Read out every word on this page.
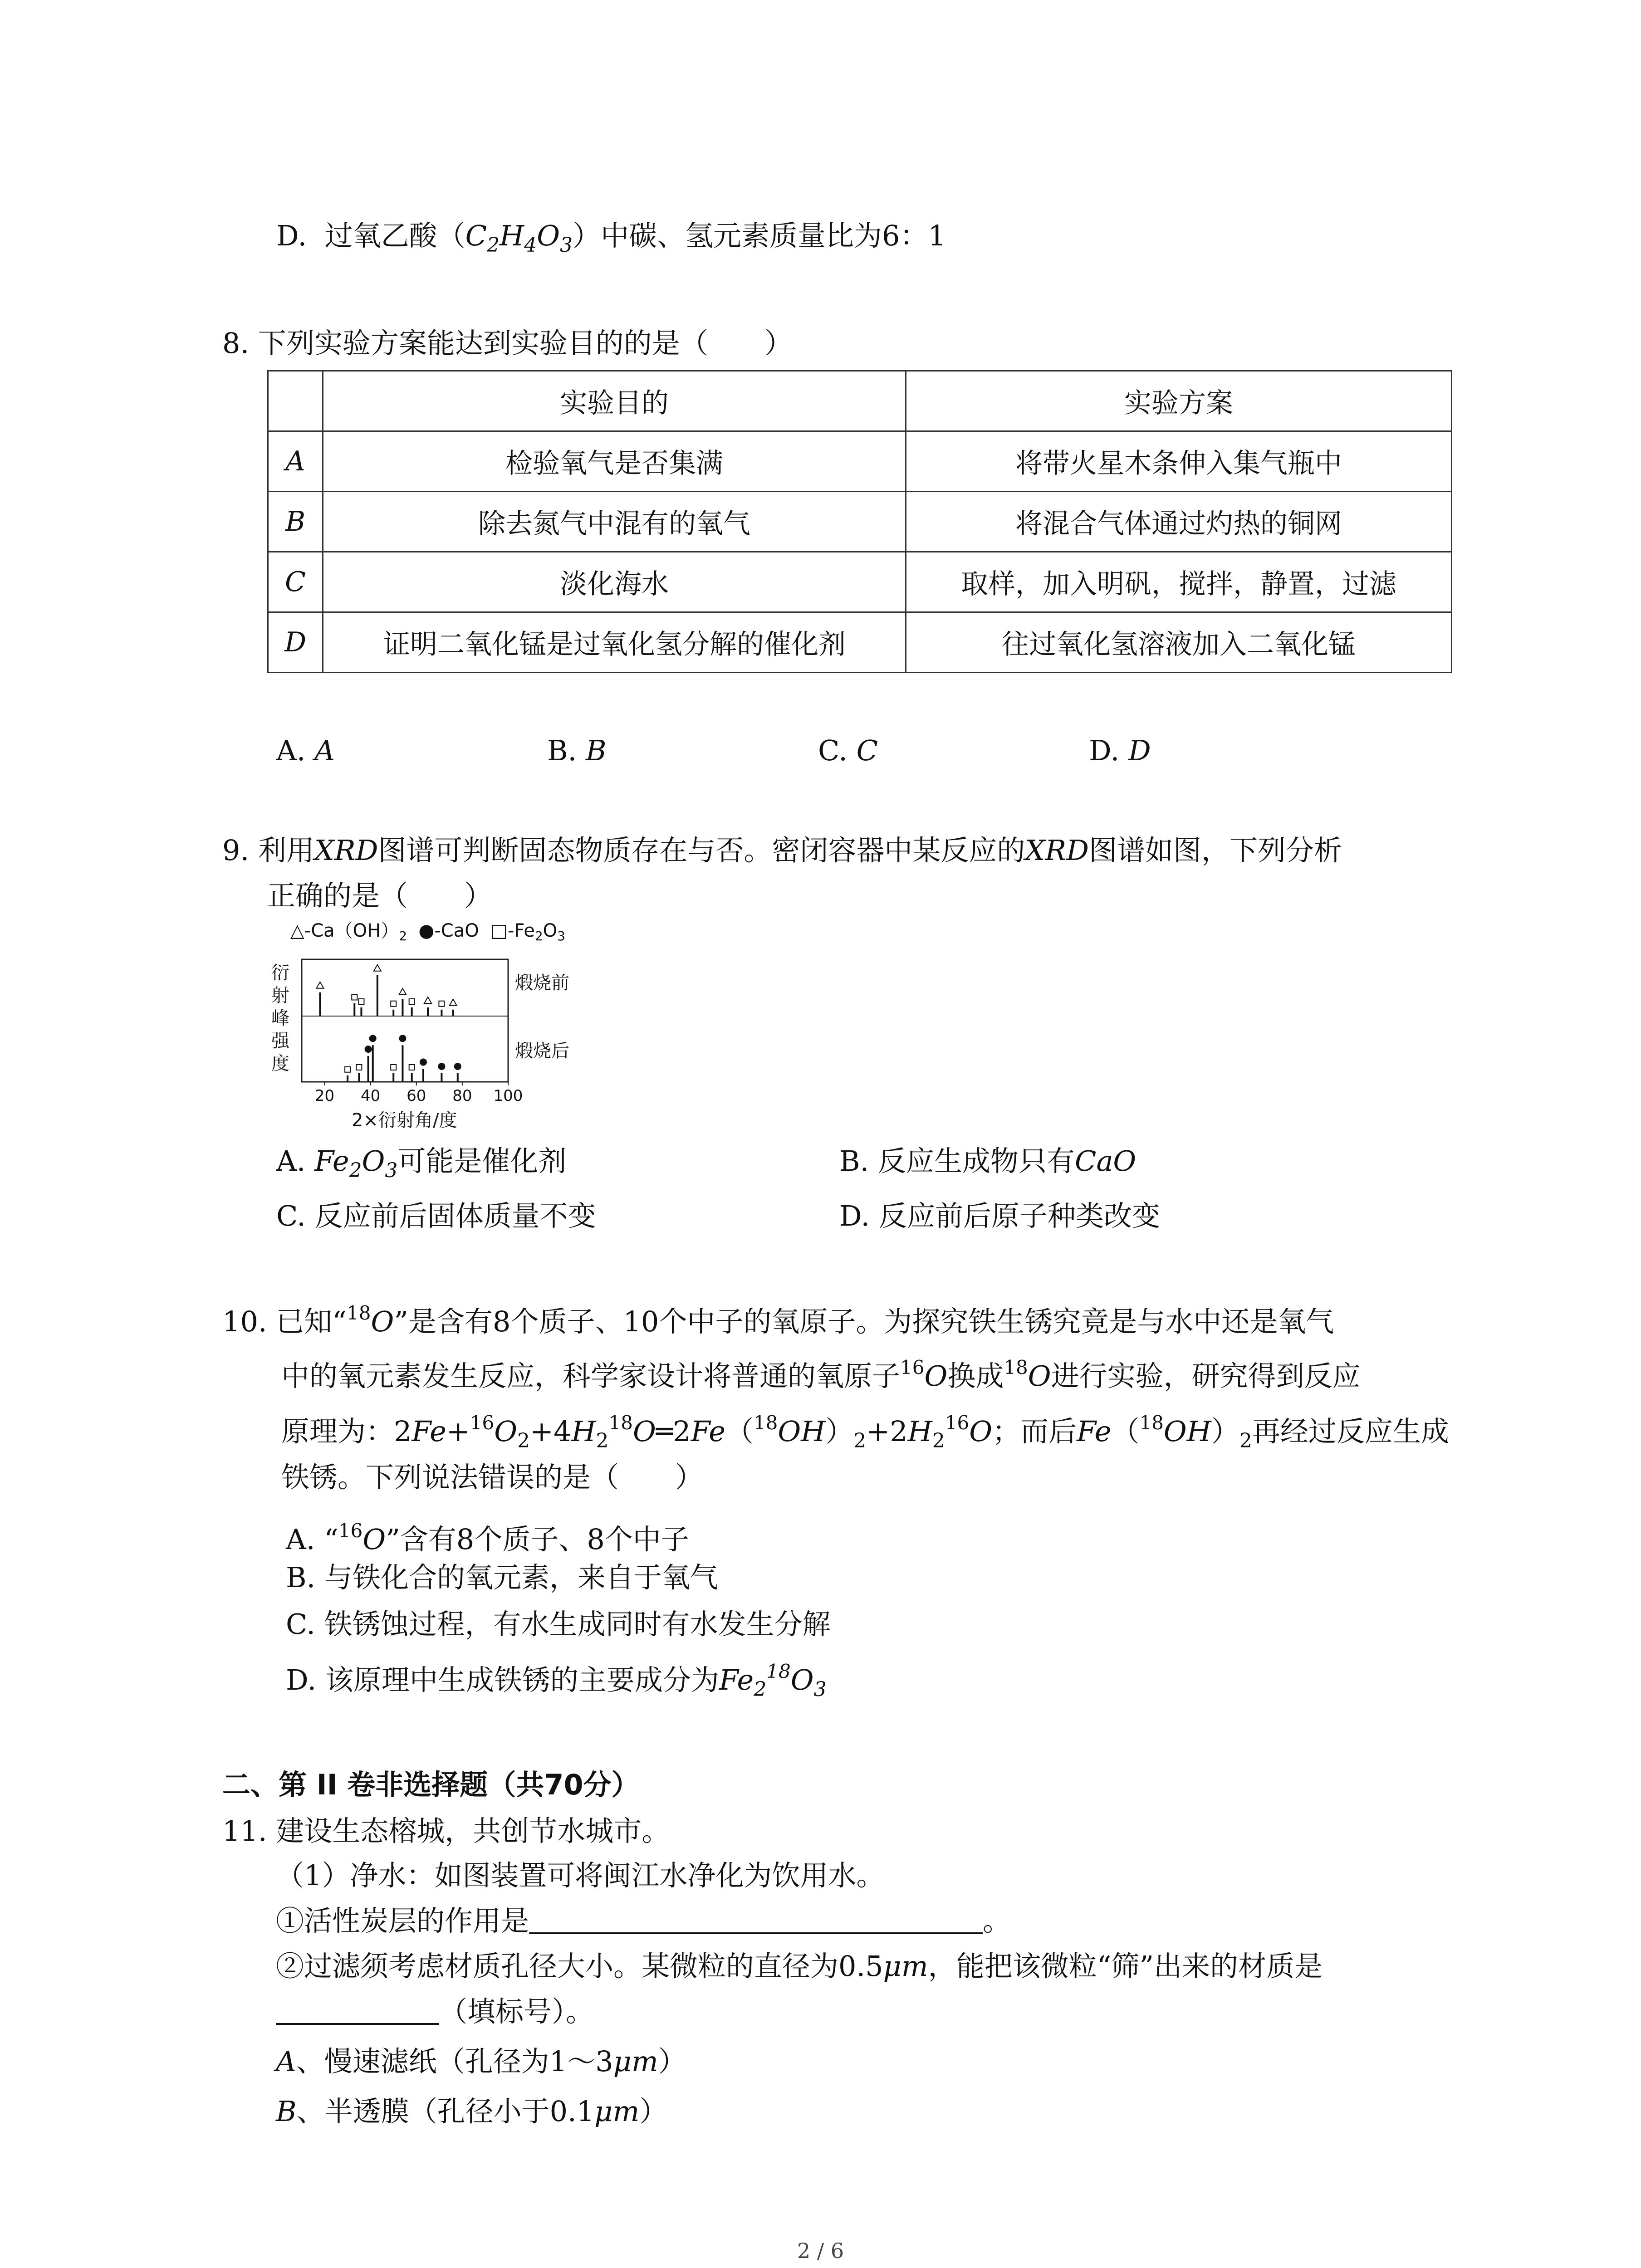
D. 过氧乙酸$(C_2H_4O_3)$中碳、氢元素质量比为6：1
8. 下列实验方案能达到实验目的的是（　　）
	实验目的	实验方案
A	检验氧气是否集满	将带火星木条伸入集气瓶中
B	除去氮气中混有的氧气	将混合气体通过灼热的铜网
C	淡化海水	取样，加入明矾，搅拌，静置，过滤
D	证明二氧化锰是过氧化氢分解的催化剂	往过氧化氢溶液加入二氧化锰
A. A	B. B	C. C	D. D
9. 利用XRD图谱可判断固态物质存在与否。密闭容器中某反应的XRD图谱如图，下列分析
正确的是（　　）
$\triangle-Ca(OH)_2$ ●-CaO $□-Fe_2O_3$
衍
射
峰
强
度
20 40 60 80 100
煅烧前
煅烧后
2×衍射角/度
A. $Fe_2O_3$可能是催化剂	B. 反应生成物只有CaO
C. 反应前后固体质量不变	D. 反应前后原子种类改变
10. 已知“$^{18}$O”是含有8个质子、10个中子的氧原子。为探究铁生锈究竟是与水中还是氧气
中的氧元素发生反应，科学家设计将普通的氧原子$^{16}$O换成$^{18}$O进行实验，研究得到反应
原理为：$2Fe+^{16}O_2+4H_2^{18}O═2Fe(^{18}OH)_2+2H_2^{16}O$；而后$Fe(^{18}OH)_2$再经过反应生成
铁锈。下列说法错误的是（　　）
A. “$^{16}$O”含有8个质子、8个中子
B. 与铁化合的氧元素，来自于氧气
C. 铁锈蚀过程，有水生成同时有水发生分解
D. 该原理中生成铁锈的主要成分为$Fe_2^{18}O_3$
二、第 II 卷非选择题（共70分）
11. 建设生态榕城，共创节水城市。
（1）净水：如图装置可将闽江水净化为饮用水。
①活性炭层的作用是	。
②过滤须考虑材质孔径大小。某微粒的直径为0.5μm，能把该微粒“筛”出来的材质是
（填标号）。
A、慢速滤纸（孔径为1～3μm）
B、半透膜（孔径小于0.1μm）
2 / 6
